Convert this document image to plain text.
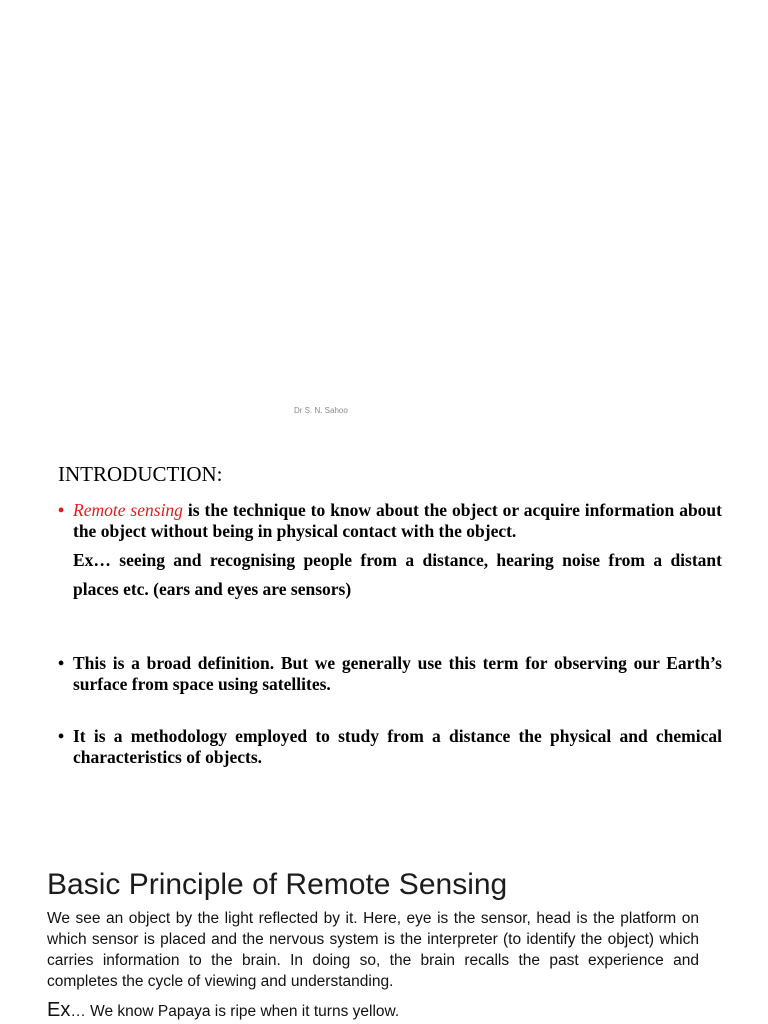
Dr S. N. Sahoo
INTRODUCTION:
• Remote sensing is the technique to know about the object or acquire information about the object without being in physical contact with the object.
Ex… seeing and recognising people from a distance, hearing noise from a distant places etc. (ears and eyes are sensors)
• This is a broad definition. But we generally use this term for observing our Earth’s surface from space using satellites.
• It is a methodology employed to study from a distance the physical and chemical characteristics of objects.
Basic Principle of Remote Sensing
We see an object by the light reflected by it. Here, eye is the sensor, head is the platform on which sensor is placed and the nervous system is the interpreter (to identify the object) which carries information to the brain. In doing so, the brain recalls the past experience and completes the cycle of viewing and understanding.
Ex… We know Papaya is ripe when it turns yellow.
